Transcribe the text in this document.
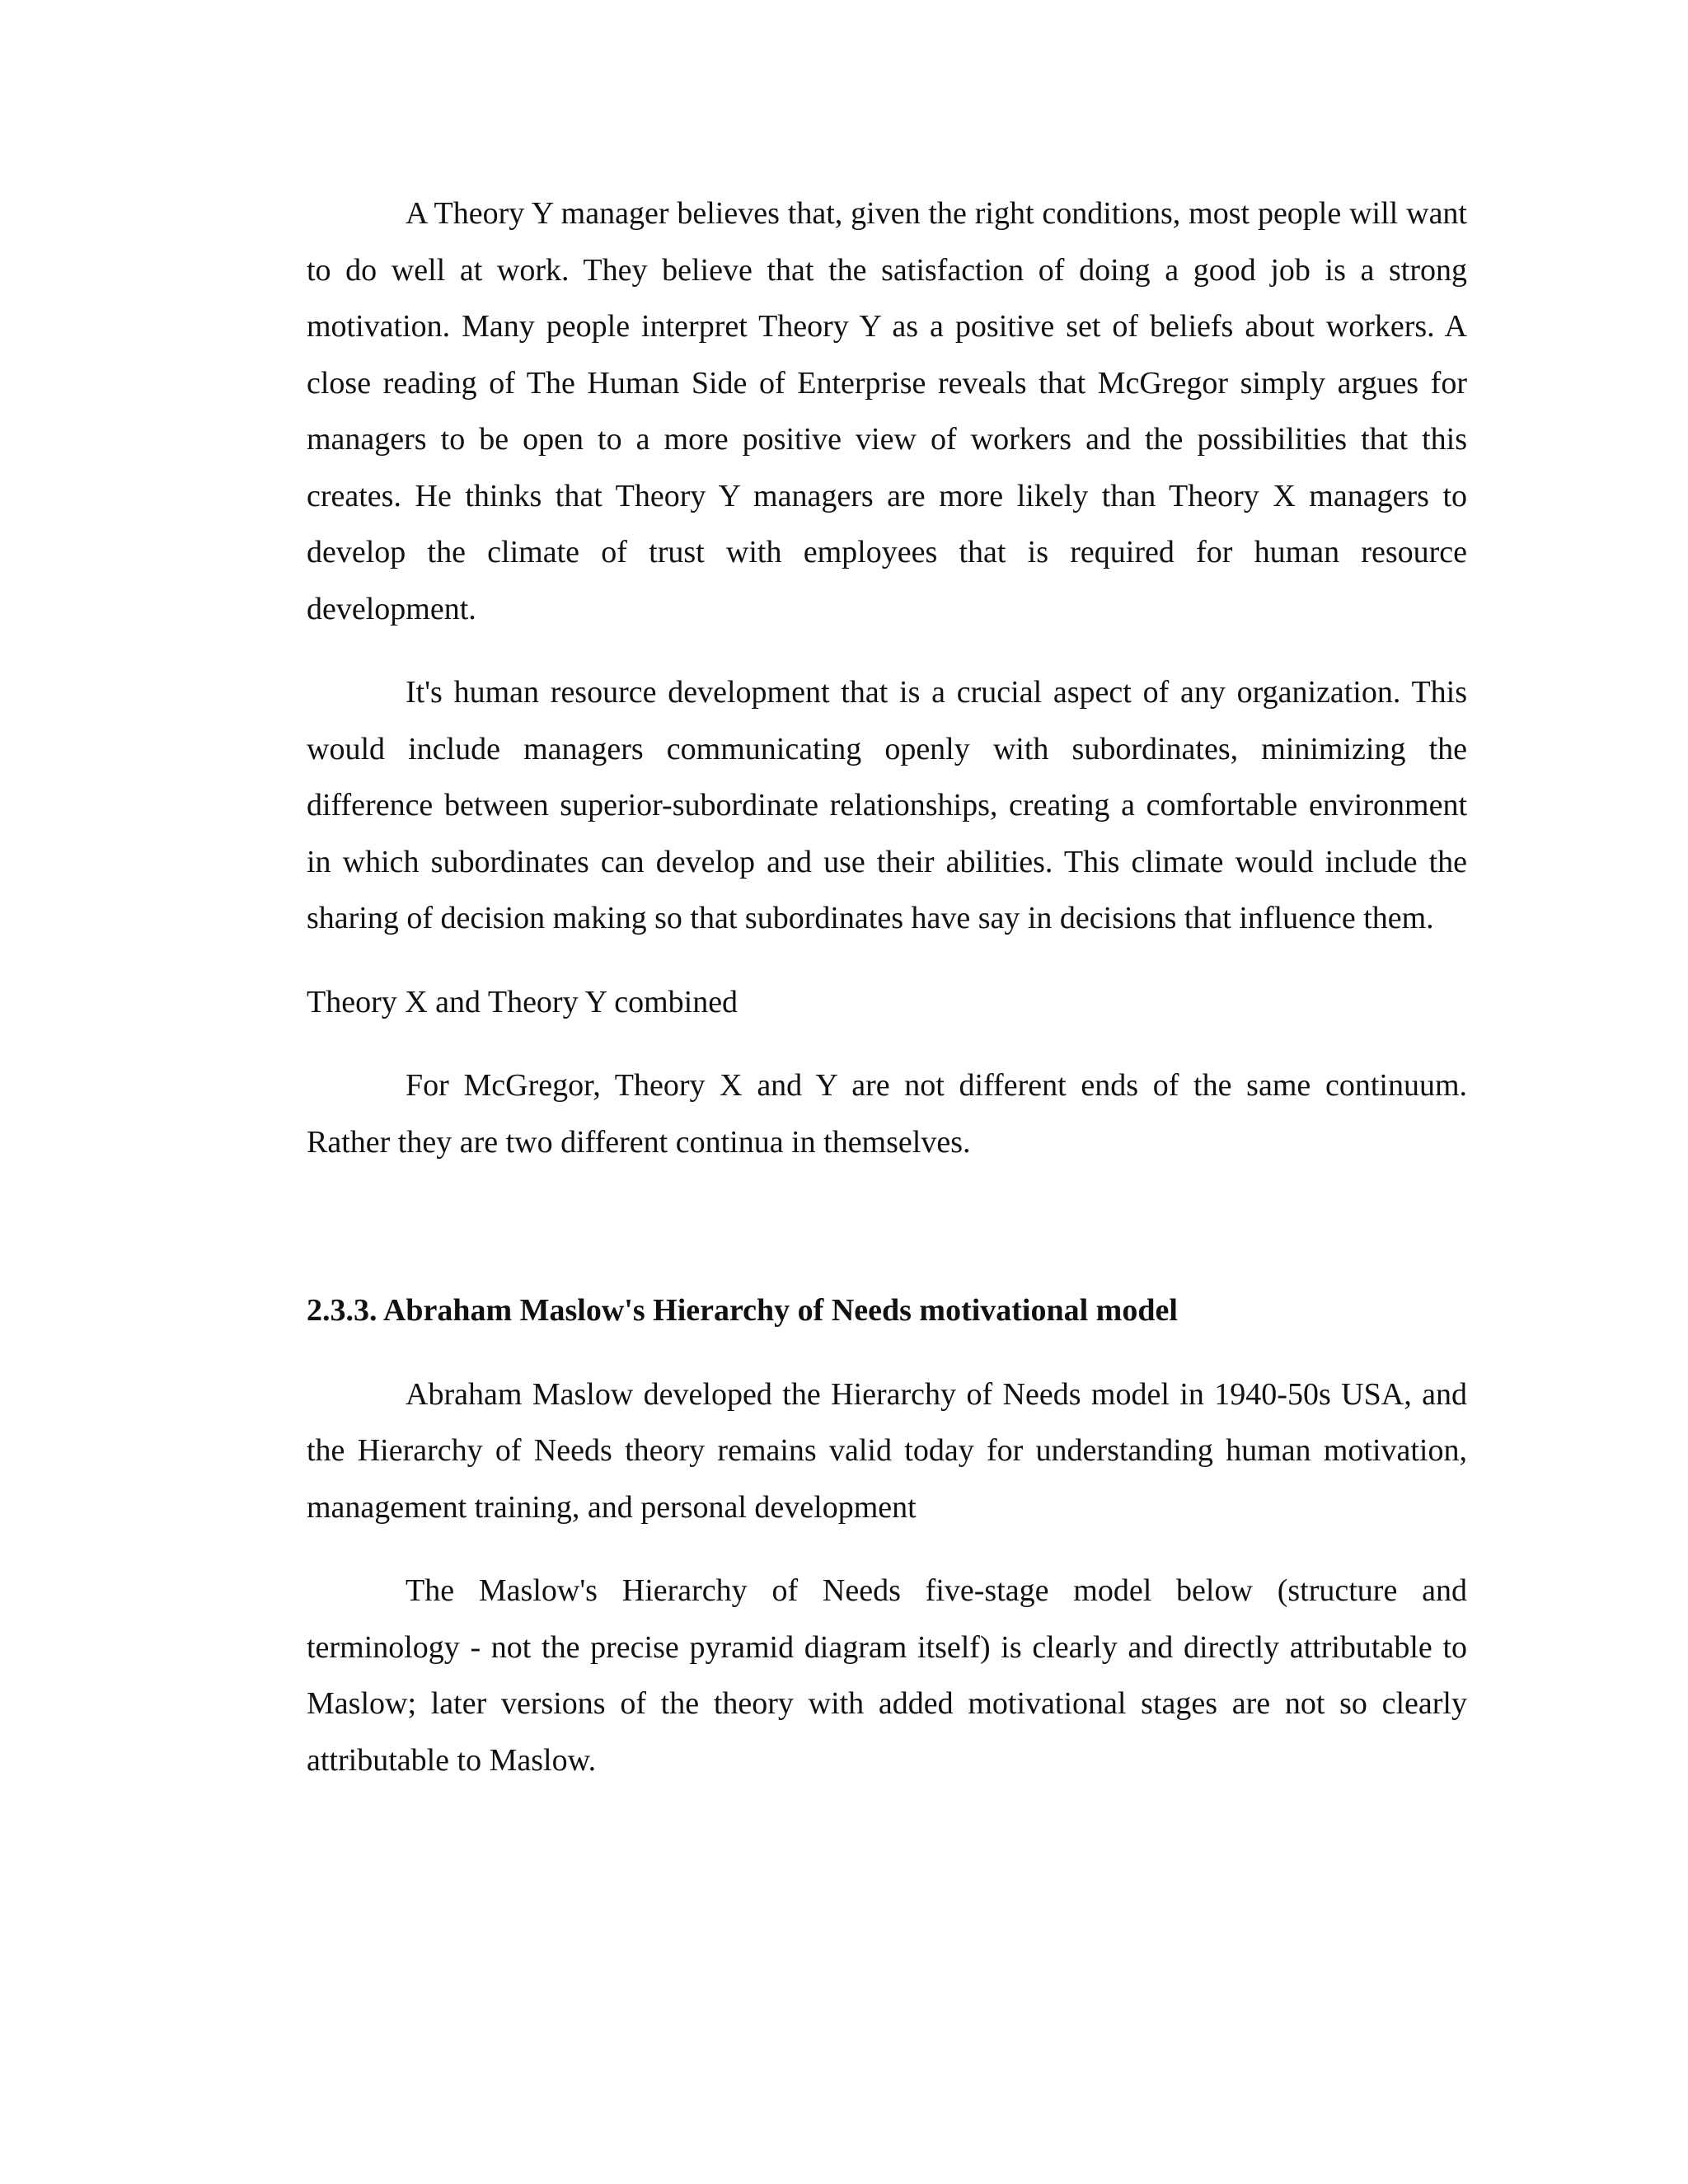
A Theory Y manager believes that, given the right conditions, most people will want to do well at work. They believe that the satisfaction of doing a good job is a strong motivation. Many people interpret Theory Y as a positive set of beliefs about workers. A close reading of The Human Side of Enterprise reveals that McGregor simply argues for managers to be open to a more positive view of workers and the possibilities that this creates. He thinks that Theory Y managers are more likely than Theory X managers to develop the climate of trust with employees that is required for human resource development.

It's human resource development that is a crucial aspect of any organization. This would include managers communicating openly with subordinates, minimizing the difference between superior-subordinate relationships, creating a comfortable environment in which subordinates can develop and use their abilities. This climate would include the sharing of decision making so that subordinates have say in decisions that influence them.

Theory X and Theory Y combined

For McGregor, Theory X and Y are not different ends of the same continuum. Rather they are two different continua in themselves.

2.3.3. Abraham Maslow's Hierarchy of Needs motivational model

Abraham Maslow developed the Hierarchy of Needs model in 1940-50s USA, and the Hierarchy of Needs theory remains valid today for understanding human motivation, management training, and personal development

The Maslow's Hierarchy of Needs five-stage model below (structure and terminology - not the precise pyramid diagram itself) is clearly and directly attributable to Maslow; later versions of the theory with added motivational stages are not so clearly attributable to Maslow.
